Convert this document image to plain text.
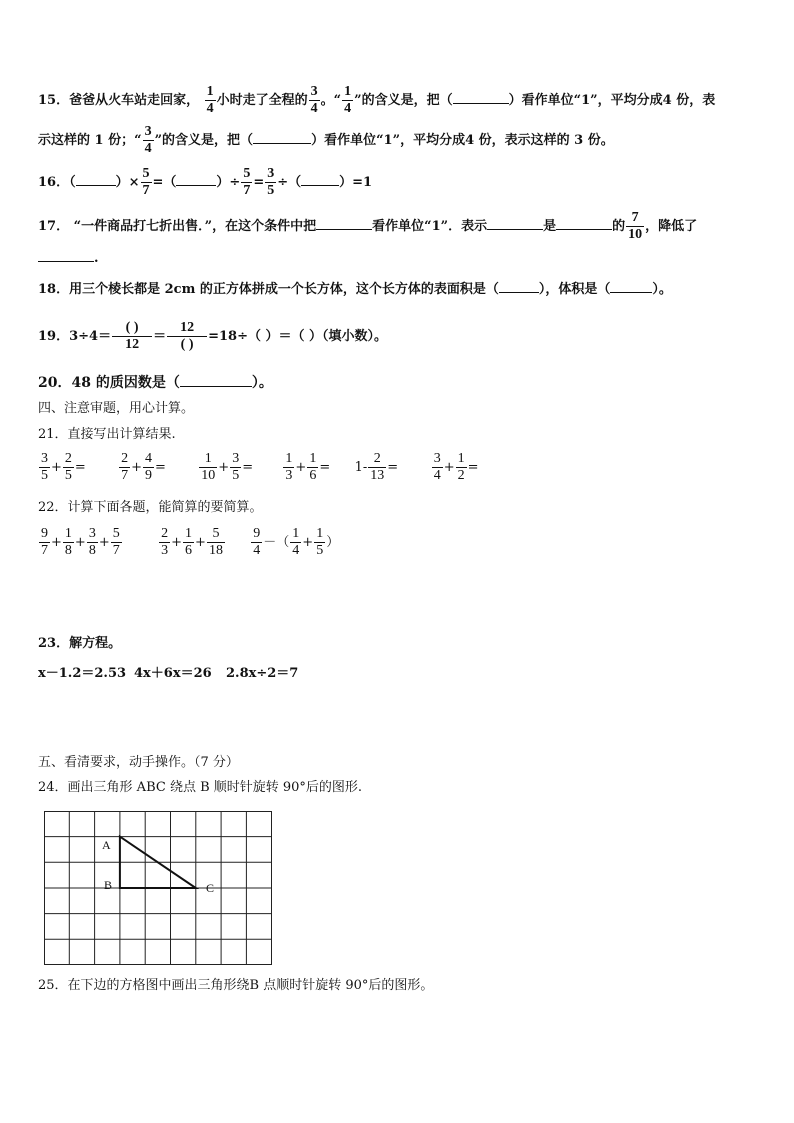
15．爸爸从火车站走回家， $\frac{1}{4}$ 小时走了全程的 $\frac{3}{4}$ 。“ $\frac{1}{4}$ ”的含义是，把（	）看作单位“1”，平均分成4 份，表
示这样的 1 份；“ $\frac{3}{4}$ ”的含义是，把（	）看作单位“1”，平均分成4 份，表示这样的 3 份。
16．（	）× $\frac{5}{7}$ =（	）÷ $\frac{5}{7} = \frac{3}{5}$ ÷（	）=1
17． “一件商品打七折出售．”，在这个条件中把	看作单位“1”．表示	是	的 $\frac{7}{10}$ ，降低了
.
18．用三个棱长都是 2cm 的正方体拼成一个长方体，这个长方体的表面积是（	），体积是（	）。
19．$3\div 4= \frac{( )}{12} = \frac{12}{( )} =18\div$（ ）＝（ ）（填小数）。
20．48 的质因数是（	）。
四、注意审题，用心计算。
21．直接写出计算结果.
$\frac{3}{5} + \frac{2}{5} = \frac{2}{7} + \frac{4}{9} = \frac{1}{10} + \frac{3}{5} = \frac{1}{3} + \frac{1}{6} = 1- \frac{2}{13} = \frac{3}{4} + \frac{1}{2}$ =
22．计算下面各题，能简算的要简算。
$\frac{9}{7} + \frac{1}{8} + \frac{3}{8} + \frac{5}{7}$
	$\frac{2}{3} + \frac{1}{6} + \frac{5}{18}$
$\frac{9}{4}$ －（ $\frac{1}{4} + \frac{1}{5}$ ）
23．解方程。
x－1.2＝2.53 4x＋6x＝26 2.8x÷2＝7
五、看清要求，动手操作。（7 分）
24．画出三角形 ABC 绕点 B 顺时针旋转 90°后的图形.
A
B	C
25．在下边的方格图中画出三角形绕B 点顺时针旋转 90°后的图形。
